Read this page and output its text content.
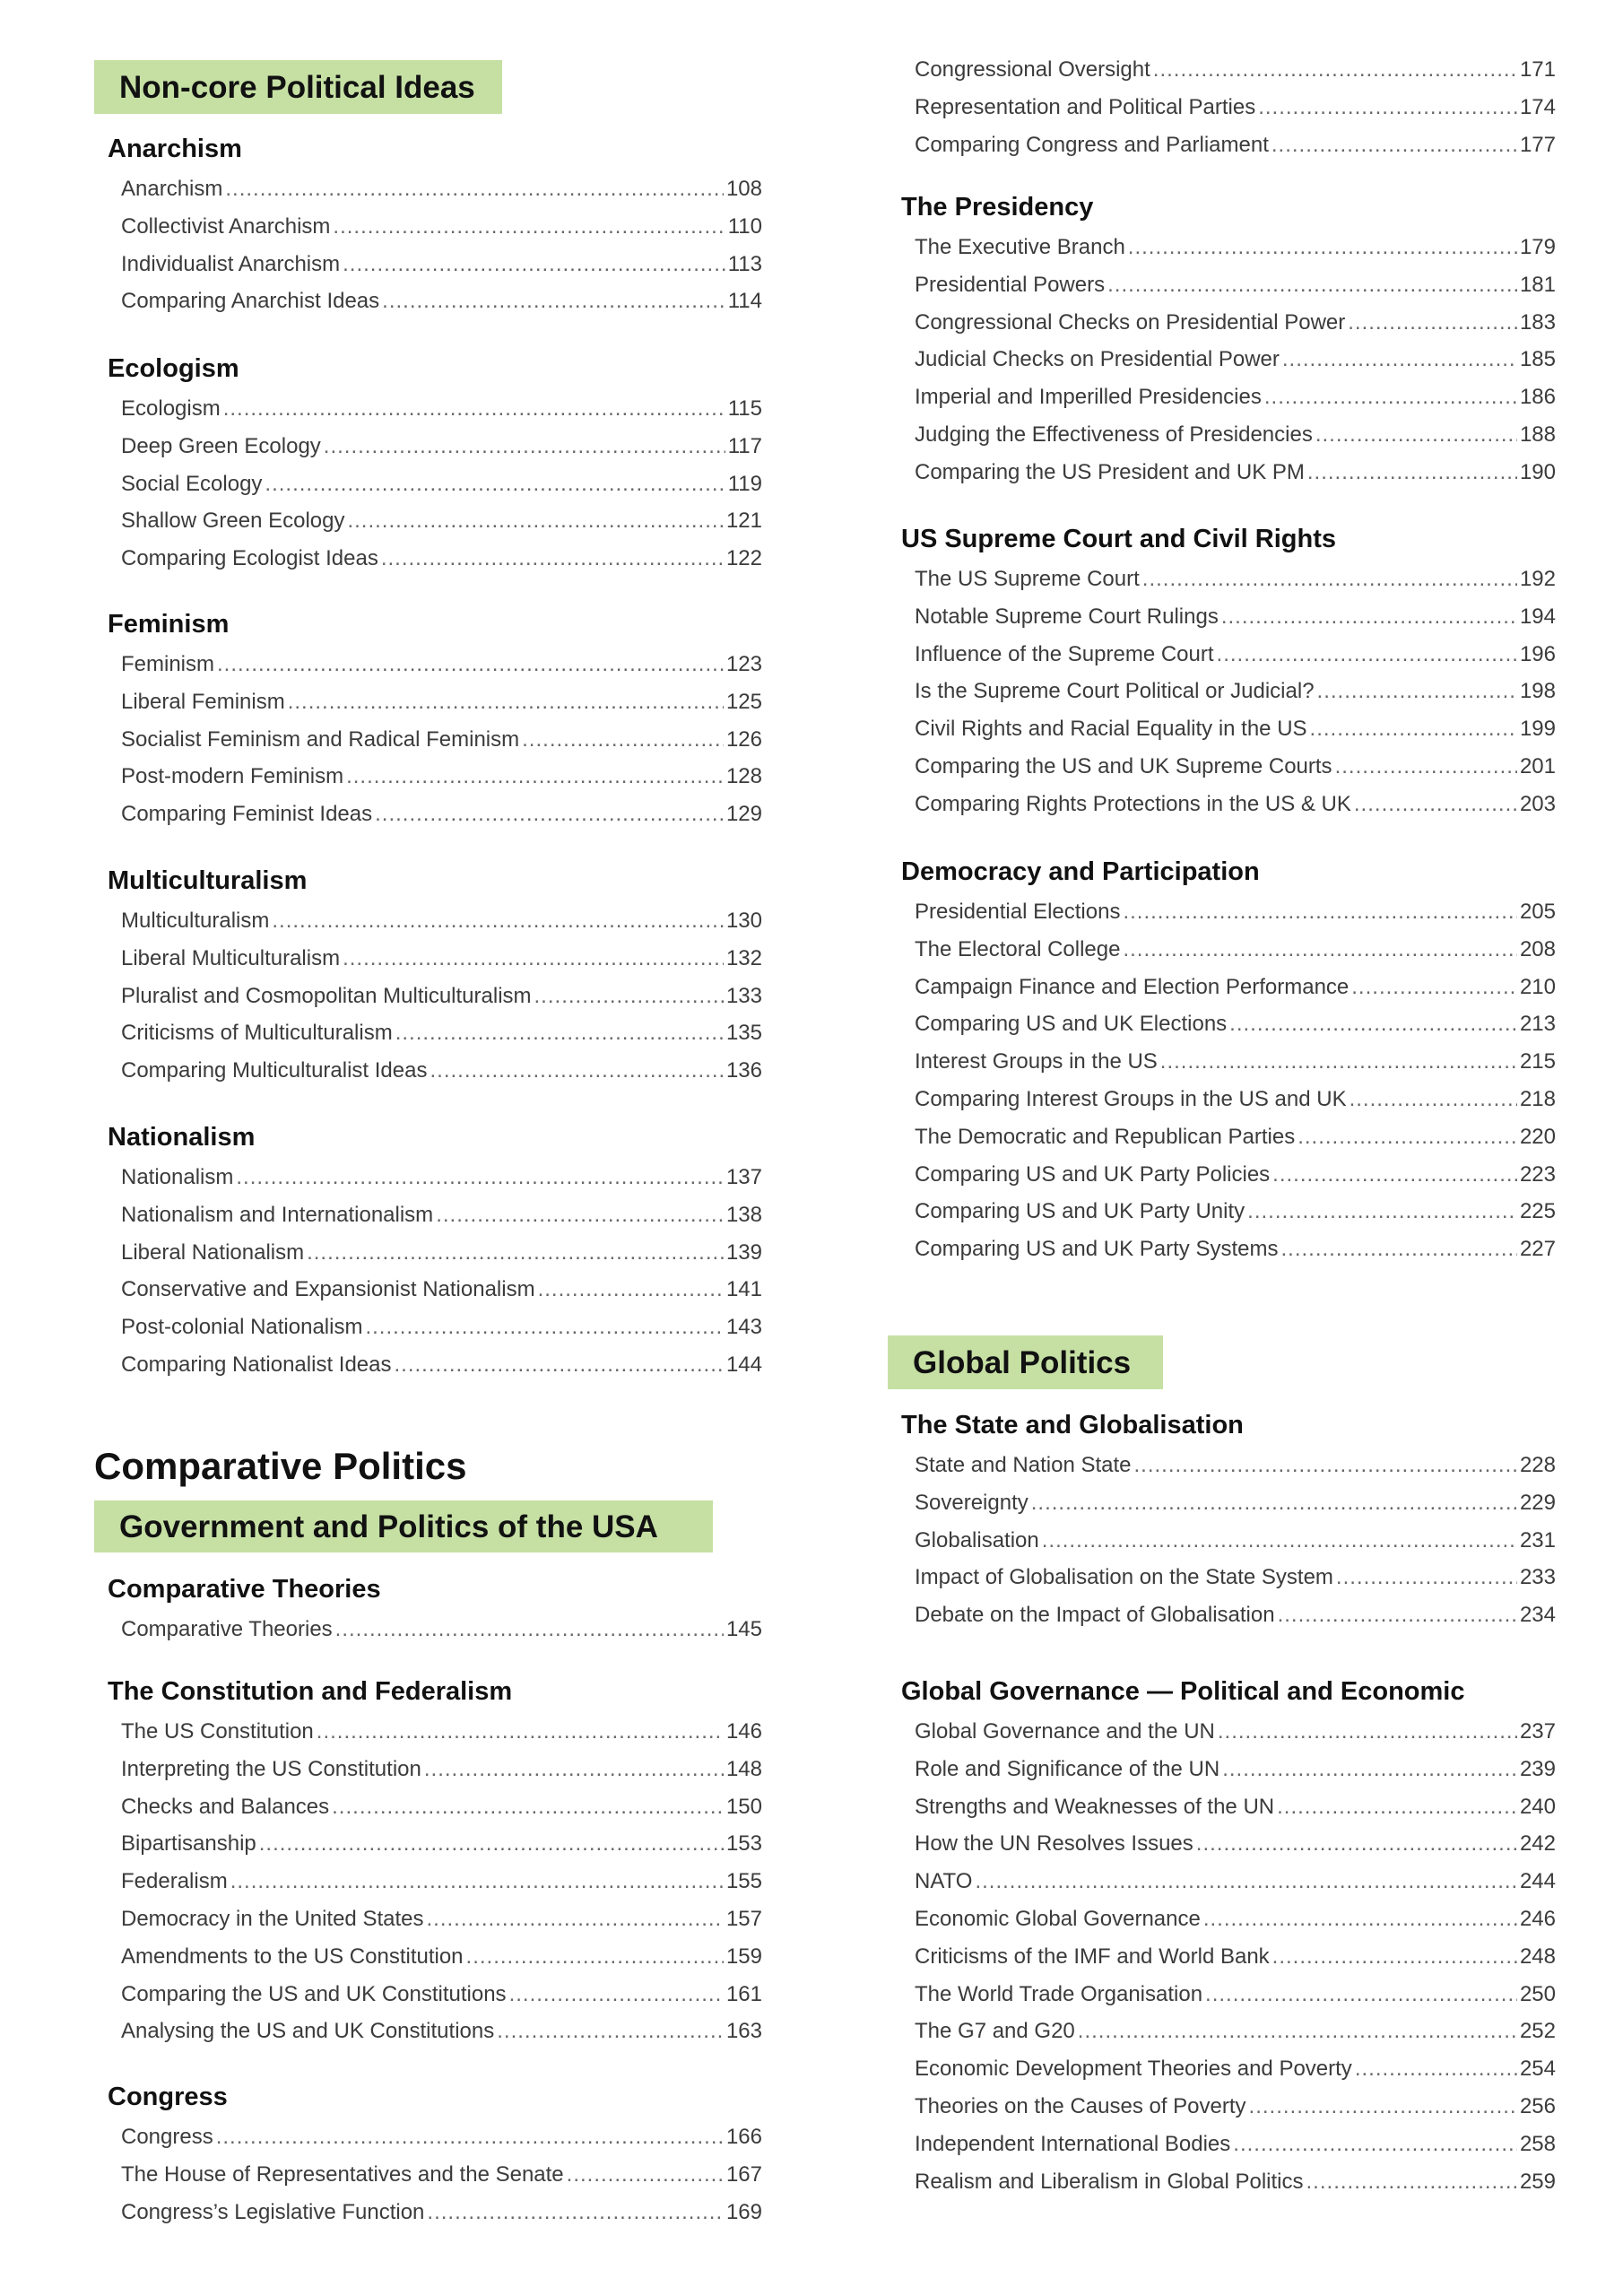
Non-core Political Ideas
Anarchism
Anarchism .....	108
Collectivist Anarchism .....	110
Individualist Anarchism .....	113
Comparing Anarchist Ideas .....	114
Ecologism
Ecologism .....	115
Deep Green Ecology .....	117
Social Ecology .....	119
Shallow Green Ecology .....	121
Comparing Ecologist Ideas .....	122
Feminism
Feminism .....	123
Liberal Feminism .....	125
Socialist Feminism and Radical Feminism .....	126
Post-modern Feminism .....	128
Comparing Feminist Ideas .....	129
Multiculturalism
Multiculturalism .....	130
Liberal Multiculturalism .....	132
Pluralist and Cosmopolitan Multiculturalism .....	133
Criticisms of Multiculturalism .....	135
Comparing Multiculturalist Ideas .....	136
Nationalism
Nationalism .....	137
Nationalism and Internationalism .....	138
Liberal Nationalism .....	139
Conservative and Expansionist Nationalism .....	141
Post-colonial Nationalism .....	143
Comparing Nationalist Ideas .....	144
Comparative Politics
Government and Politics of the USA
Comparative Theories
Comparative Theories .....	145
The Constitution and Federalism
The US Constitution .....	146
Interpreting the US Constitution .....	148
Checks and Balances .....	150
Bipartisanship .....	153
Federalism .....	155
Democracy in the United States .....	157
Amendments to the US Constitution .....	159
Comparing the US and UK Constitutions .....	161
Analysing the US and UK Constitutions .....	163
Congress
Congress .....	166
The House of Representatives and the Senate .....	167
Congress’s Legislative Function .....	169
Congressional Oversight .....	171
Representation and Political Parties .....	174
Comparing Congress and Parliament .....	177
The Presidency
The Executive Branch .....	179
Presidential Powers .....	181
Congressional Checks on Presidential Power .....	183
Judicial Checks on Presidential Power .....	185
Imperial and Imperilled Presidencies .....	186
Judging the Effectiveness of Presidencies .....	188
Comparing the US President and UK PM .....	190
US Supreme Court and Civil Rights
The US Supreme Court .....	192
Notable Supreme Court Rulings .....	194
Influence of the Supreme Court .....	196
Is the Supreme Court Political or Judicial? .....	198
Civil Rights and Racial Equality in the US .....	199
Comparing the US and UK Supreme Courts .....	201
Comparing Rights Protections in the US & UK .....	203
Democracy and Participation
Presidential Elections .....	205
The Electoral College .....	208
Campaign Finance and Election Performance .....	210
Comparing US and UK Elections .....	213
Interest Groups in the US .....	215
Comparing Interest Groups in the US and UK .....	218
The Democratic and Republican Parties .....	220
Comparing US and UK Party Policies .....	223
Comparing US and UK Party Unity .....	225
Comparing US and UK Party Systems .....	227
Global Politics
The State and Globalisation
State and Nation State .....	228
Sovereignty .....	229
Globalisation .....	231
Impact of Globalisation on the State System .....	233
Debate on the Impact of Globalisation .....	234
Global Governance — Political and Economic
Global Governance and the UN .....	237
Role and Significance of the UN .....	239
Strengths and Weaknesses of the UN .....	240
How the UN Resolves Issues .....	242
NATO .....	244
Economic Global Governance .....	246
Criticisms of the IMF and World Bank .....	248
The World Trade Organisation .....	250
The G7 and G20 .....	252
Economic Development Theories and Poverty .....	254
Theories on the Causes of Poverty .....	256
Independent International Bodies .....	258
Realism and Liberalism in Global Politics .....	259
